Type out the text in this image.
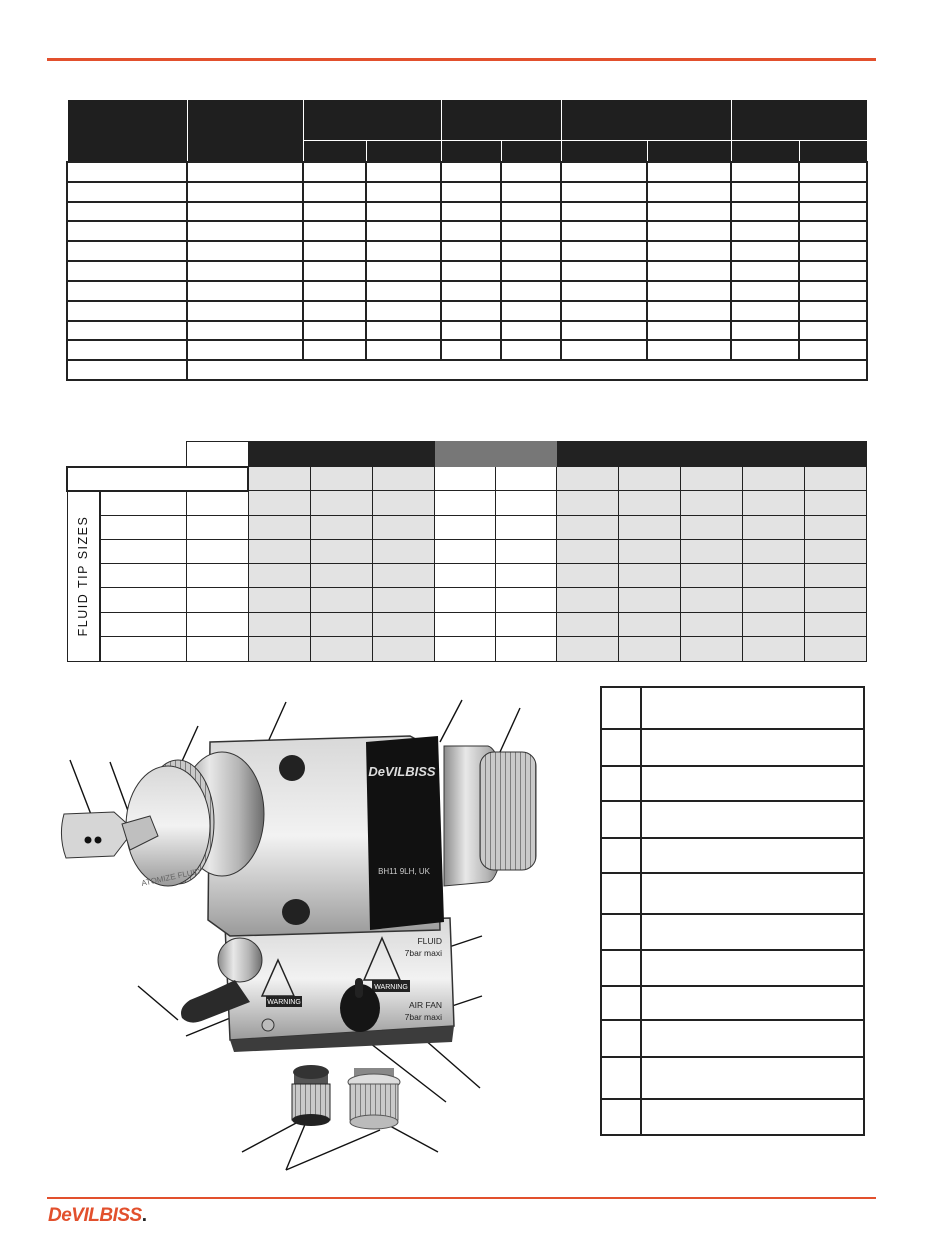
FLUID TIP SIZES												

WARNING
WARNING
FLUID
7bar maxi
AIR FAN
7bar maxi
DeVILBISS
BH11 9LH, UK
ATOMIZE FLUID

DeVILBISS.
